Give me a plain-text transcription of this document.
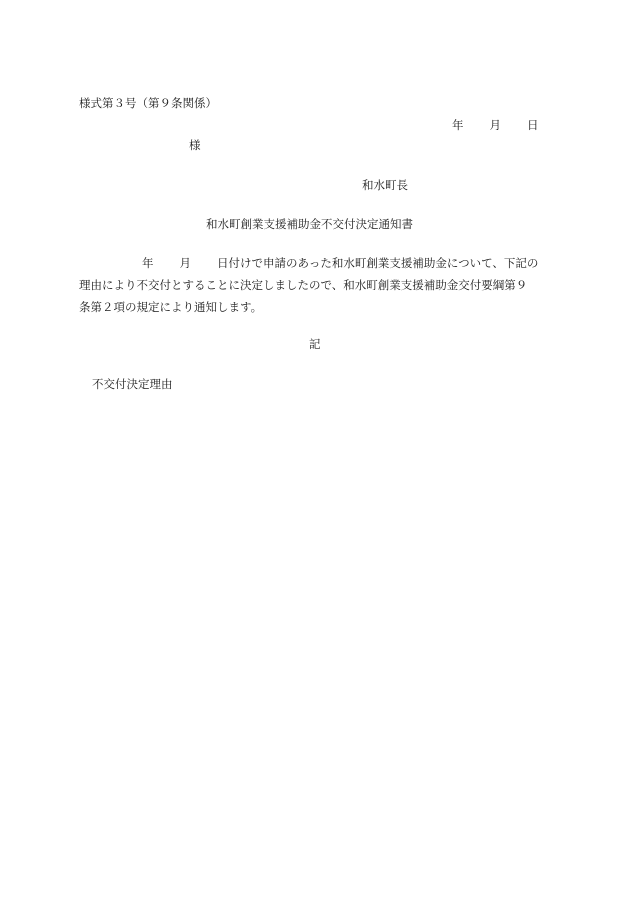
様式第３号（第９条関係）
年 月 日
様
和水町長
和水町創業支援補助金不交付決定通知書
年 月 日付けで申請のあった和水町創業支援補助金について、下記の
理由により不交付とすることに決定しましたので、和水町創業支援補助金交付要綱第９
条第２項の規定により通知します。
記
不交付決定理由
